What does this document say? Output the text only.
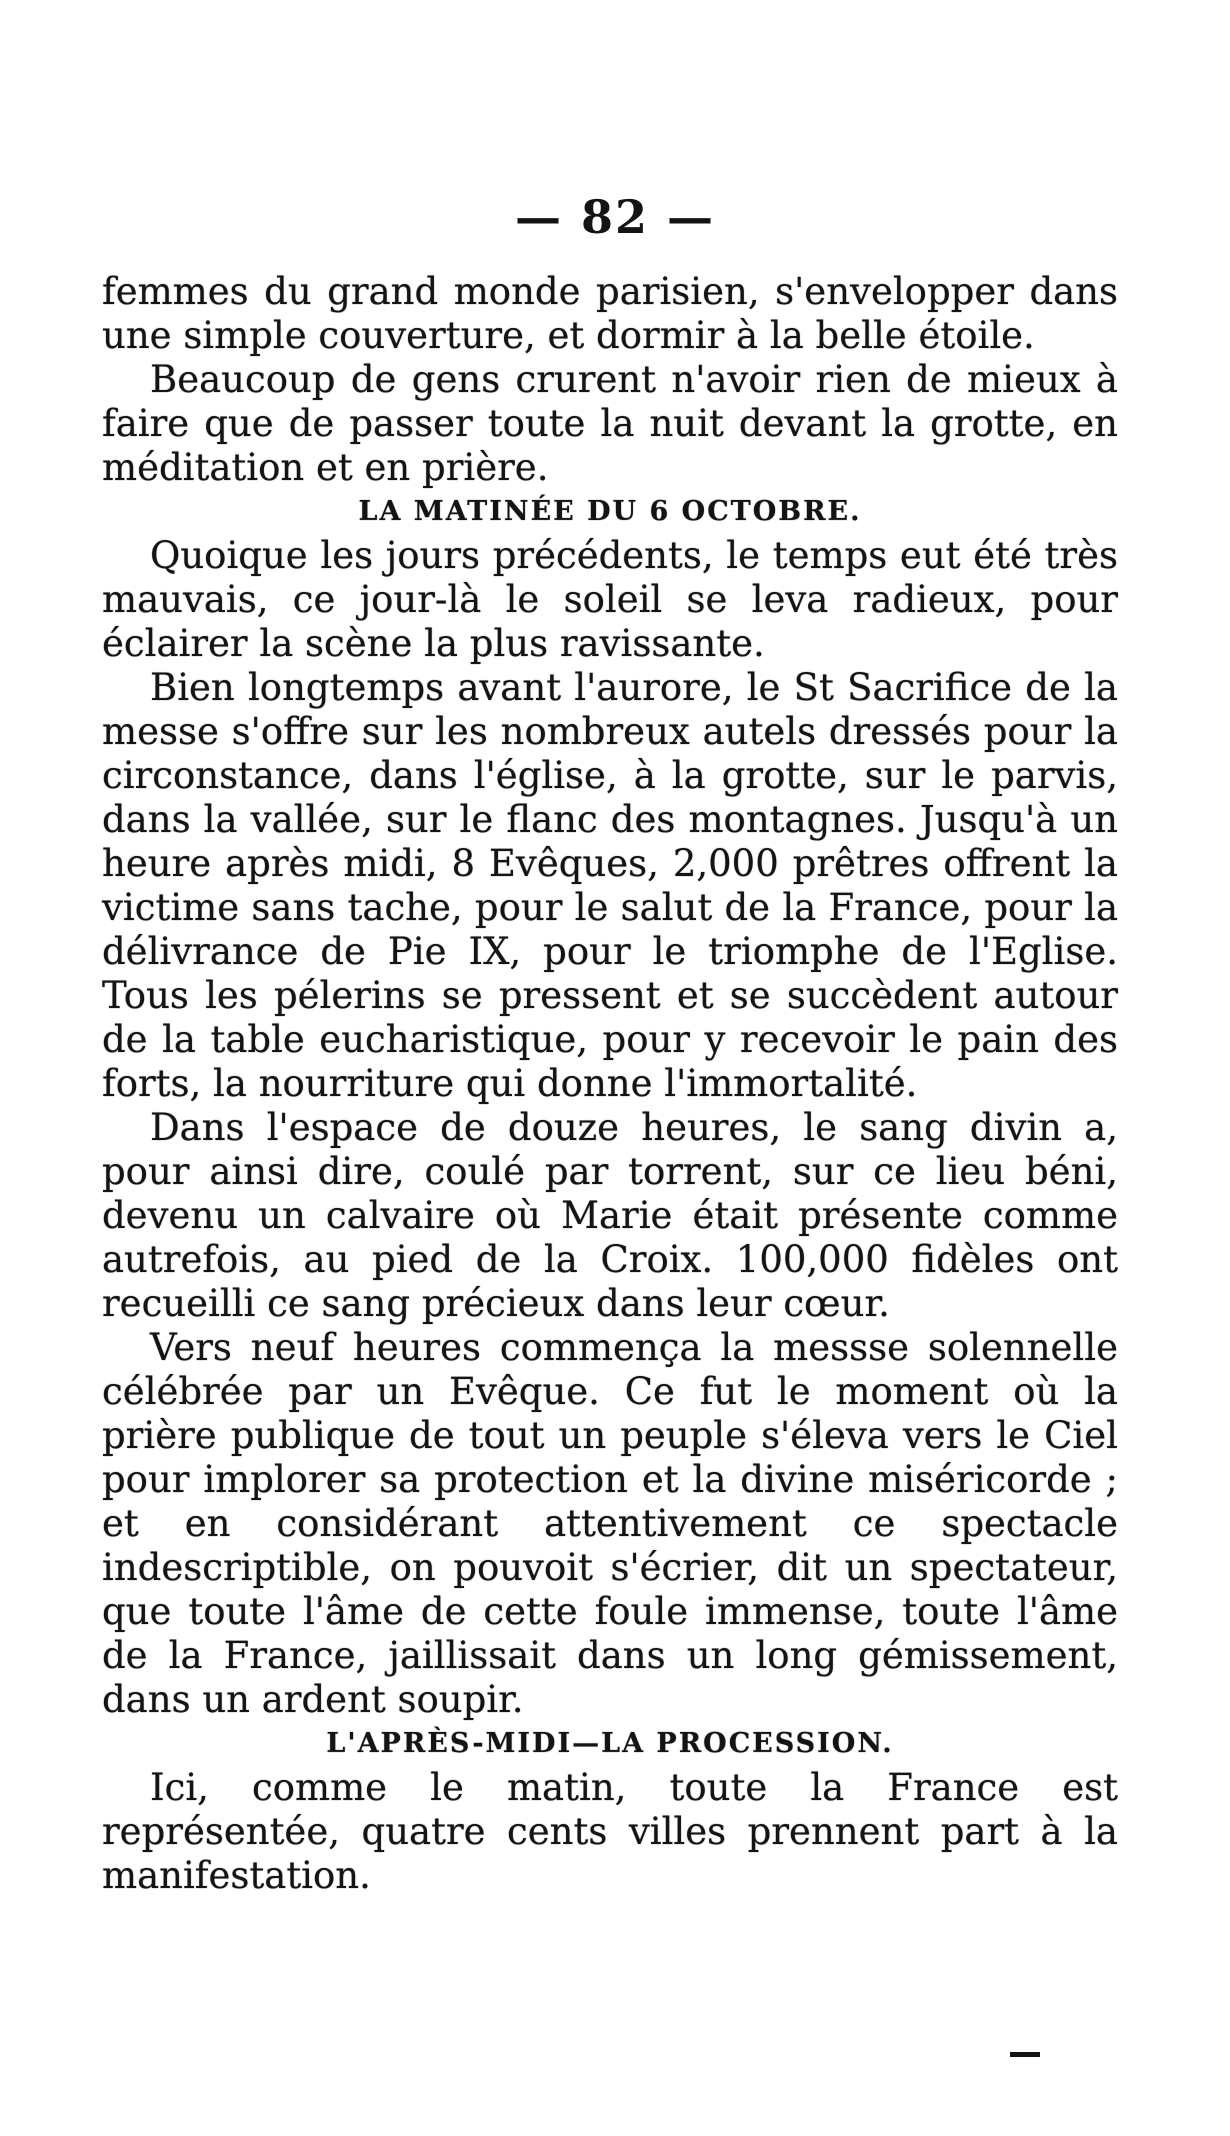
— 82 —

femmes du grand monde parisien, s'envelopper dans une simple couverture, et dormir à la belle étoile.

Beaucoup de gens crurent n'avoir rien de mieux à faire que de passer toute la nuit devant la grotte, en méditation et en prière.

LA MATINÉE DU 6 OCTOBRE.

Quoique les jours précédents, le temps eut été très mauvais, ce jour-là le soleil se leva radieux, pour éclairer la scène la plus ravissante.

Bien longtemps avant l'aurore, le St Sacrifice de la messe s'offre sur les nombreux autels dressés pour la circonstance, dans l'église, à la grotte, sur le parvis, dans la vallée, sur le flanc des montagnes. Jusqu'à un heure après midi, 8 Evêques, 2,000 prêtres offrent la victime sans tache, pour le salut de la France, pour la délivrance de Pie IX, pour le triomphe de l'Eglise. Tous les pélerins se pressent et se succèdent autour de la table eucharistique, pour y recevoir le pain des forts, la nourriture qui donne l'immortalité.

Dans l'espace de douze heures, le sang divin a, pour ainsi dire, coulé par torrent, sur ce lieu béni, devenu un calvaire où Marie était présente comme autrefois, au pied de la Croix. 100,000 fidèles ont recueilli ce sang précieux dans leur cœur.

Vers neuf heures commença la messse solennelle célébrée par un Evêque. Ce fut le moment où la prière publique de tout un peuple s'éleva vers le Ciel pour implorer sa protection et la divine miséricorde ; et en considérant attentivement ce spectacle indescriptible, on pouvoit s'écrier, dit un spectateur, que toute l'âme de cette foule immense, toute l'âme de la France, jaillissait dans un long gémissement, dans un ardent soupir.

L'APRÈS-MIDI—LA PROCESSION.

Ici, comme le matin, toute la France est représentée, quatre cents villes prennent part à la manifestation.
